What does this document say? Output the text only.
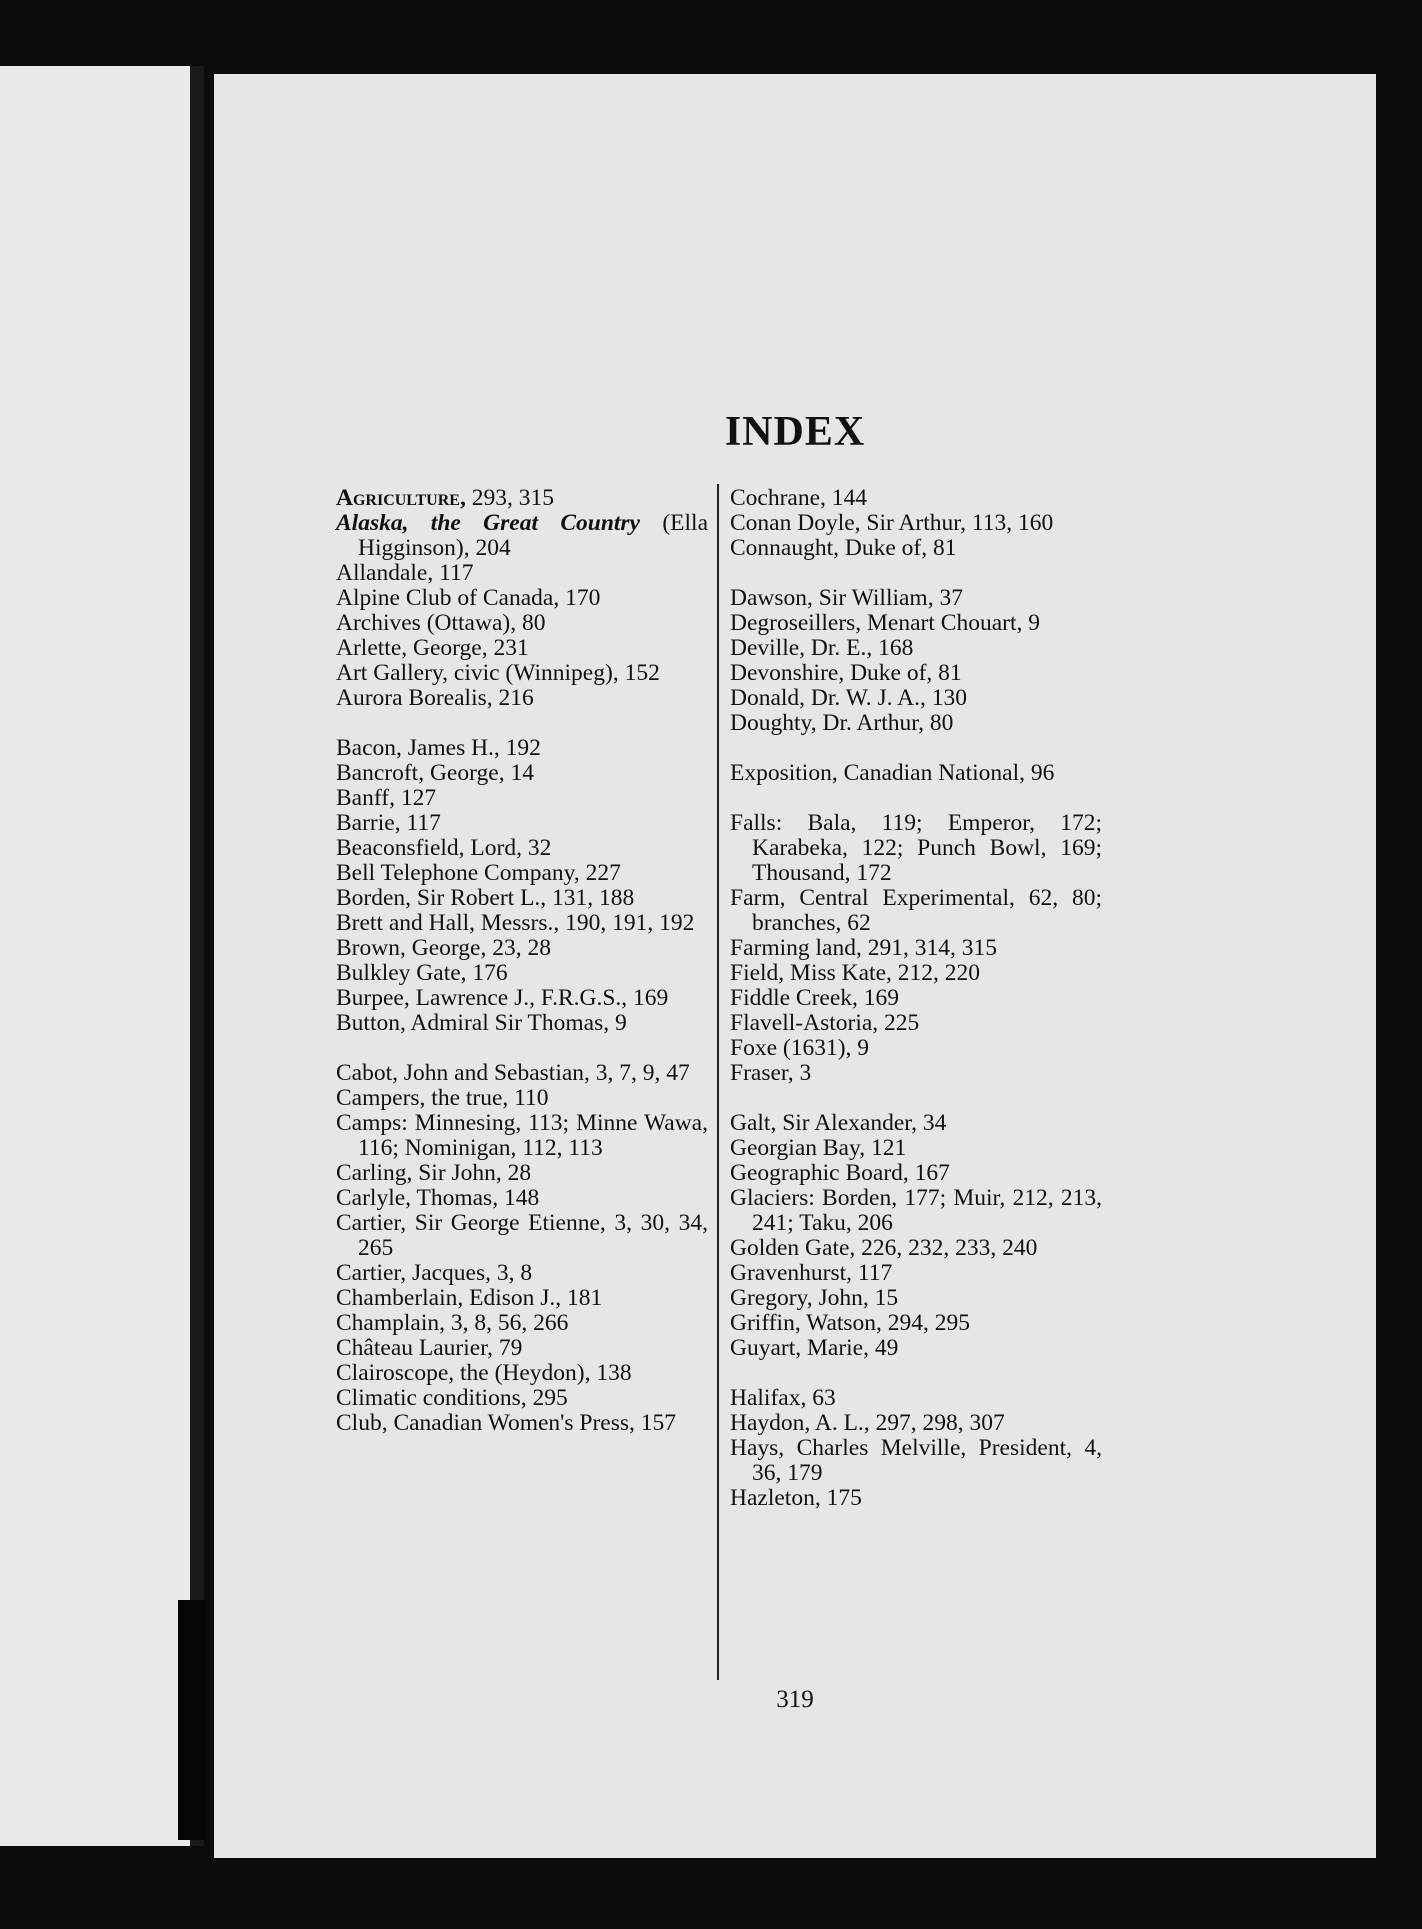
INDEX
Agriculture, 293, 315
Alaska, the Great Country (Ella Higginson), 204
Allandale, 117
Alpine Club of Canada, 170
Archives (Ottawa), 80
Arlette, George, 231
Art Gallery, civic (Winnipeg), 152
Aurora Borealis, 216
Bacon, James H., 192
Bancroft, George, 14
Banff, 127
Barrie, 117
Beaconsfield, Lord, 32
Bell Telephone Company, 227
Borden, Sir Robert L., 131, 188
Brett and Hall, Messrs., 190, 191, 192
Brown, George, 23, 28
Bulkley Gate, 176
Burpee, Lawrence J., F.R.G.S., 169
Button, Admiral Sir Thomas, 9
Cabot, John and Sebastian, 3, 7, 9, 47
Campers, the true, 110
Camps: Minnesing, 113; Minne Wawa, 116; Nominigan, 112, 113
Carling, Sir John, 28
Carlyle, Thomas, 148
Cartier, Sir George Etienne, 3, 30, 34, 265
Cartier, Jacques, 3, 8
Chamberlain, Edison J., 181
Champlain, 3, 8, 56, 266
Château Laurier, 79
Clairoscope, the (Heydon), 138
Climatic conditions, 295
Club, Canadian Women's Press, 157
Cochrane, 144
Conan Doyle, Sir Arthur, 113, 160
Connaught, Duke of, 81
Dawson, Sir William, 37
Degroseillers, Menart Chouart, 9
Deville, Dr. E., 168
Devonshire, Duke of, 81
Donald, Dr. W. J. A., 130
Doughty, Dr. Arthur, 80
Exposition, Canadian National, 96
Falls: Bala, 119; Emperor, 172; Karabeka, 122; Punch Bowl, 169; Thousand, 172
Farm, Central Experimental, 62, 80; branches, 62
Farming land, 291, 314, 315
Field, Miss Kate, 212, 220
Fiddle Creek, 169
Flavell-Astoria, 225
Foxe (1631), 9
Fraser, 3
Galt, Sir Alexander, 34
Georgian Bay, 121
Geographic Board, 167
Glaciers: Borden, 177; Muir, 212, 213, 241; Taku, 206
Golden Gate, 226, 232, 233, 240
Gravenhurst, 117
Gregory, John, 15
Griffin, Watson, 294, 295
Guyart, Marie, 49
Halifax, 63
Haydon, A. L., 297, 298, 307
Hays, Charles Melville, President, 4, 36, 179
Hazleton, 175
319
